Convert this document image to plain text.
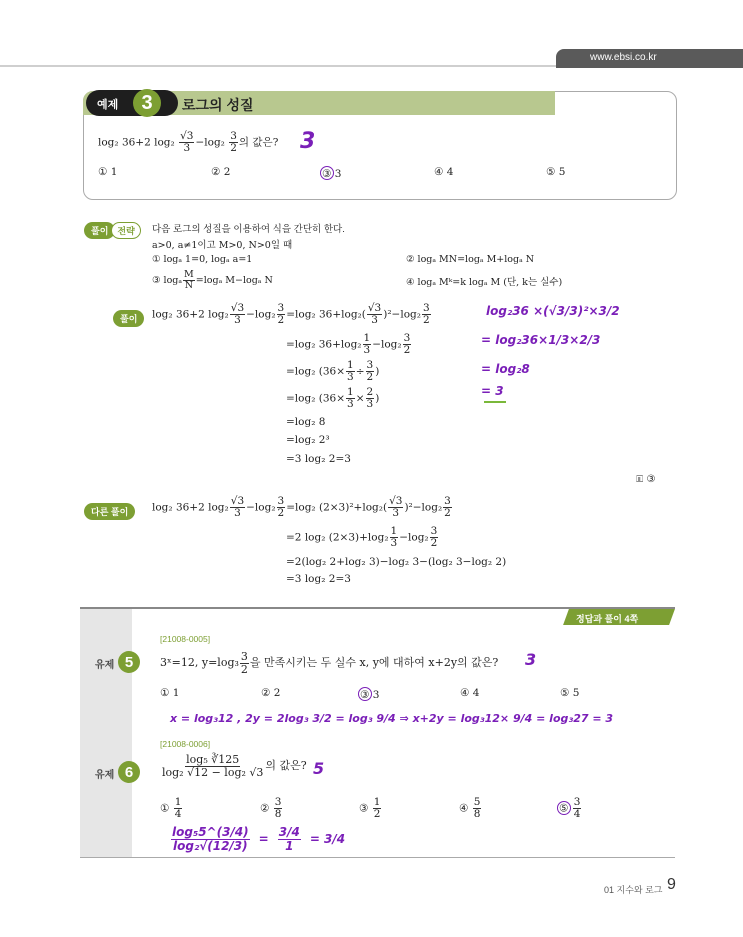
www.ebsi.co.kr
예제	3	로그의 성질
log₂ 36+2 $\log_2 \frac{√3}{3} -\log_2 \frac{3}{2}$ 의 값은? 3
① 1	② 2	③ 3	④ 4	⑤ 5
풀이 전략	다음 로그의 성질을 이용하여 식을 간단히 한다.
a>0, a≠1이고 M>0, N>0일 때
① logₐ 1=0, logₐ a=1	② logₐ MN=logₐ M+logₐ N
③ logₐ $\frac{M}{N} =\log_a$ M−logₐ N	④ logₐ Mᵏ=k logₐ M (단, k는 실수)
풀이	log₂ 36+2 $\log_2 \frac{√3}{3} -\log_2 \frac{3}{2} =\log_2$ $36+\log_2( \frac{√3}{3} )^2-\log_2 \frac{3}{2}$
=log₂ $36+\log_2 \frac{1}{3} -\log_2 \frac{3}{2}$
=log₂ ($36\times \frac{1}{3} \div \frac{3}{2}$ )
=log₂ ($36\times \frac{1}{3} \times \frac{2}{3}$ )
=log₂ 8
=log₂ 2³
=3 log₂ 2=3
🗉 ③
log₂36 ×(√3/3)²×3/2
= log₂36×1/3×2/3
= log₂8
= 3
다른 풀이	log₂ 36+2 $\log_2 \frac{√3}{3} -\log_2 \frac{3}{2} =\log_2$ $(2\times 3)^2+\log_2( \frac{√3}{3} )^2-\log_2 \frac{3}{2}$
=2 log₂ $(2\times 3)+\log_2 \frac{1}{3} -\log_2 \frac{3}{2}$
=2(log₂ 2+log₂ 3)−log₂ 3−(log₂ 3−log₂ 2)
=3 log₂ 2=3
정답과 풀이 4쪽
[21008-0005]
유제 5	3ˣ=12, $y=\log_3 \frac{3}{2}$ 을 만족시키는 두 실수 x, y에 대하여 x+2y의 값은? 3
① 1	② 2	③ 3	④ 4	⑤ 5
x = log₃12 , 2y = 2log₃ 3/2 = log₃ 9/4 ⇒ x+2y = log₃12× 9/4 = log₃27 = 3
[21008-0006]
유제 6	$\frac{\text{log₅ ∛125}}{\text{log₂ √12 − log₂ √3}}$ 의 값은? 5
① $\frac{1}{4}$	② $\frac{3}{8}$	③ $\frac{1}{2}$	④ $\frac{5}{8}$	⑤ $\frac{3}{4}$
$\frac{\text{log₅5\textasciicircum{}(3/4)}}{\text{log₂√(12/3)}} = \frac{3/4}{1} = 3/4$
01 지수와 로그 9
